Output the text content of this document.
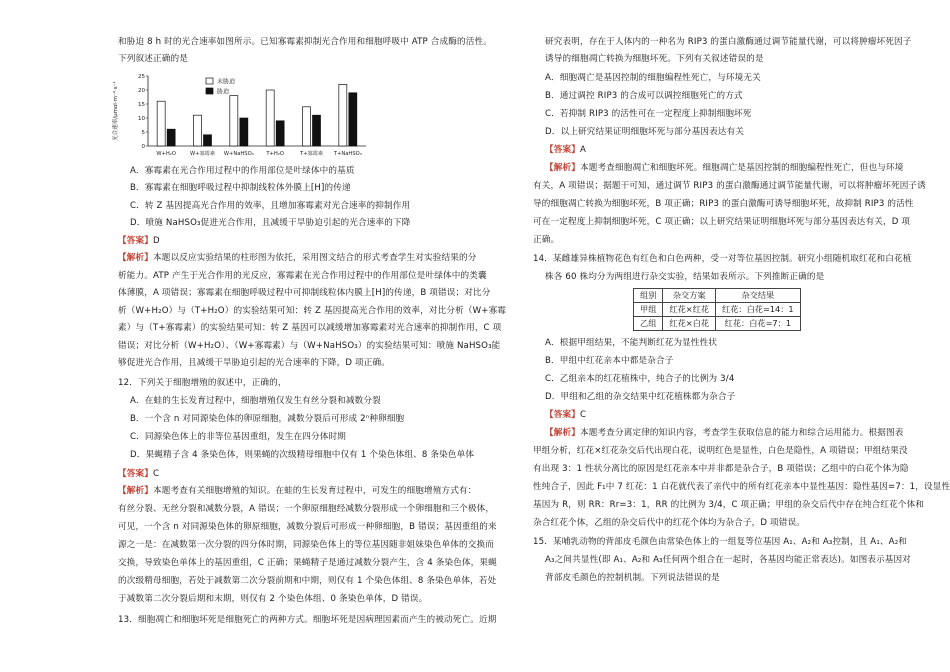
和胁迫 8 h 时的光合速率如图所示。已知寡霉素抑制光合作用和细胞呼吸中 ATP 合成酶的活性。
下列叙述正确的是
光合速率/μmol·m⁻²·s⁻¹
0
5
10
15
20
25
W+H₂O	W+寡霉素 W+NaHSO₃ T+H₂O	T+寡霉素 T+NaHSO₃
未胁迫
胁迫
A．寡霉素在光合作用过程中的作用部位是叶绿体中的基质
B．寡霉素在细胞呼吸过程中抑制线粒体外膜上[H]的传递
C．转 Z 基因提高光合作用的效率，且增加寡霉素对光合速率的抑制作用
D．喷施 NaHSO₃促进光合作用，且减缓干旱胁迫引起的光合速率的下降
【答案】D
【解析】本题以反应实验结果的柱形图为依托，采用图文结合的形式考查学生对实验结果的分
析能力。ATP 产生于光合作用的光反应，寡霉素在光合作用过程中的作用部位是叶绿体中的类囊
体薄膜，A 项错误；寡霉素在细胞呼吸过程中可抑制线粒体内膜上[H]的传递，B 项错误；对比分
析（W+H₂O）与（T+H₂O）的实验结果可知：转 Z 基因提高光合作用的效率，对比分析（W+寡霉
素）与（T+寡霉素）的实验结果可知：转 Z 基因可以减缓增加寡霉素对光合速率的抑制作用，C 项
错误；对比分析（W+H₂O）、（W+寡霉素）与（W+NaHSO₃）的实验结果可知：喷施 NaHSO₃能
够促进光合作用，且减缓干旱胁迫引起的光合速率的下降，D 项正确。
12．下列关于细胞增殖的叙述中，正确的，
A．在蛙的生长发育过程中，细胞增殖仅发生有丝分裂和减数分裂
B．一个含 n 对同源染色体的卵原细胞，减数分裂后可形成 2ⁿ种卵细胞
C．同源染色体上的非等位基因重组，发生在四分体时期
D．果蝇精子含 4 条染色体，则果蝇的次级精母细胞中仅有 1 个染色体组、8 条染色单体
【答案】C
【解析】本题考查有关细胞增殖的知识。在蛙的生长发育过程中，可发生的细胞增殖方式有：
有丝分裂、无丝分裂和减数分裂，A 错误；一个卵原细胞经减数分裂形成一个卵细胞和三个极体，
可见，一个含 n 对同源染色体的卵原细胞，减数分裂后可形成一种卵细胞，B 错误；基因重组的来
源之一是：在减数第一次分裂的四分体时期，同源染色体上的等位基因随非姐妹染色单体的交换而
交换，导致染色单体上的基因重组，C 正确；果蝇精子是通过减数分裂产生，含 4 条染色体，果蝇
的次级精母细胞，若处于减数第二次分裂前期和中期，则仅有 1 个染色体组、8 条染色单体，若处
于减数第二次分裂后期和末期，则仅有 2 个染色体组、0 条染色单体，D 错误。
13．细胞凋亡和细胞坏死是细胞死亡的两种方式。细胞坏死是因病理因素而产生的被动死亡。近期
研究表明，存在于人体内的一种名为 RIP3 的蛋白激酶通过调节能量代谢，可以将肿瘤坏死因子
诱导的细胞凋亡转换为细胞坏死。下列有关叙述错误的是
A．细胞凋亡是基因控制的细胞编程性死亡，与环境无关
B．通过调控 RIP3 的合成可以调控细胞死亡的方式
C．若抑制 RIP3 的活性可在一定程度上抑制细胞坏死
D．以上研究结果证明细胞坏死与部分基因表达有关
【答案】A
【解析】本题考查细胞凋亡和细胞坏死。细胞凋亡是基因控制的细胞编程性死亡，但也与环境
有关，A 项错误；据题干可知，通过调节 RIP3 的蛋白激酶通过调节能量代谢，可以将肿瘤坏死因子诱
导的细胞凋亡转换为细胞坏死，B 项正确；RIP3 的蛋白激酶可诱导细胞坏死，故抑制 RIP3 的活性
可在一定程度上抑制细胞坏死，C 项正确；以上研究结果证明细胞坏死与部分基因表达有关，D 项
正确。
14．某雌雄异株植物花色有红色和白色两种，受一对等位基因控制。研究小组随机取红花和白花植
株各 60 株均分为两组进行杂交实验，结果如表所示。下列推断正确的是
组别	杂交方案	杂交结果
甲组	红花×红花	红花：白花=14：1
乙组	红花×白花	红花：白花=7：1
A．根据甲组结果，不能判断红花为显性性状
B．甲组中红花亲本中都是杂合子
C．乙组亲本的红花植株中，纯合子的比例为 3/4
D．甲组和乙组的杂交结果中红花植株都为杂合子
【答案】C
【解析】本题考查分离定律的知识内容，考查学生获取信息的能力和综合运用能力。根据图表
甲组分析，红花×红花杂交后代出现白花，说明红色是显性，白色是隐性，A 项错误；甲组结果没
有出现 3：1 性状分离比的原因是红花亲本中并非都是杂合子，B 项错误；乙组中的白花个体为隐
性纯合子，因此 F₁中 7 红花：1 白花就代表了亲代中的所有红花亲本中显性基因：隐性基因=7：1，设显性
基因为 R，则 RR：Rr=3：1，RR 的比例为 3/4，C 项正确；甲组的杂交后代中存在纯合红花个体和
杂合红花个体，乙组的杂交后代中的红花个体均为杂合子，D 项错误。
15．某哺乳动物的背部皮毛颜色由常染色体上的一组复等位基因 A₁、A₂和 A₃控制，且 A₁、A₂和
A₃之间共显性(即 A₁、A₂和 A₃任何两个组合在一起时，各基因均能正常表达)。如图表示基因对
背部皮毛颜色的控制机制。下列说法错误的是
